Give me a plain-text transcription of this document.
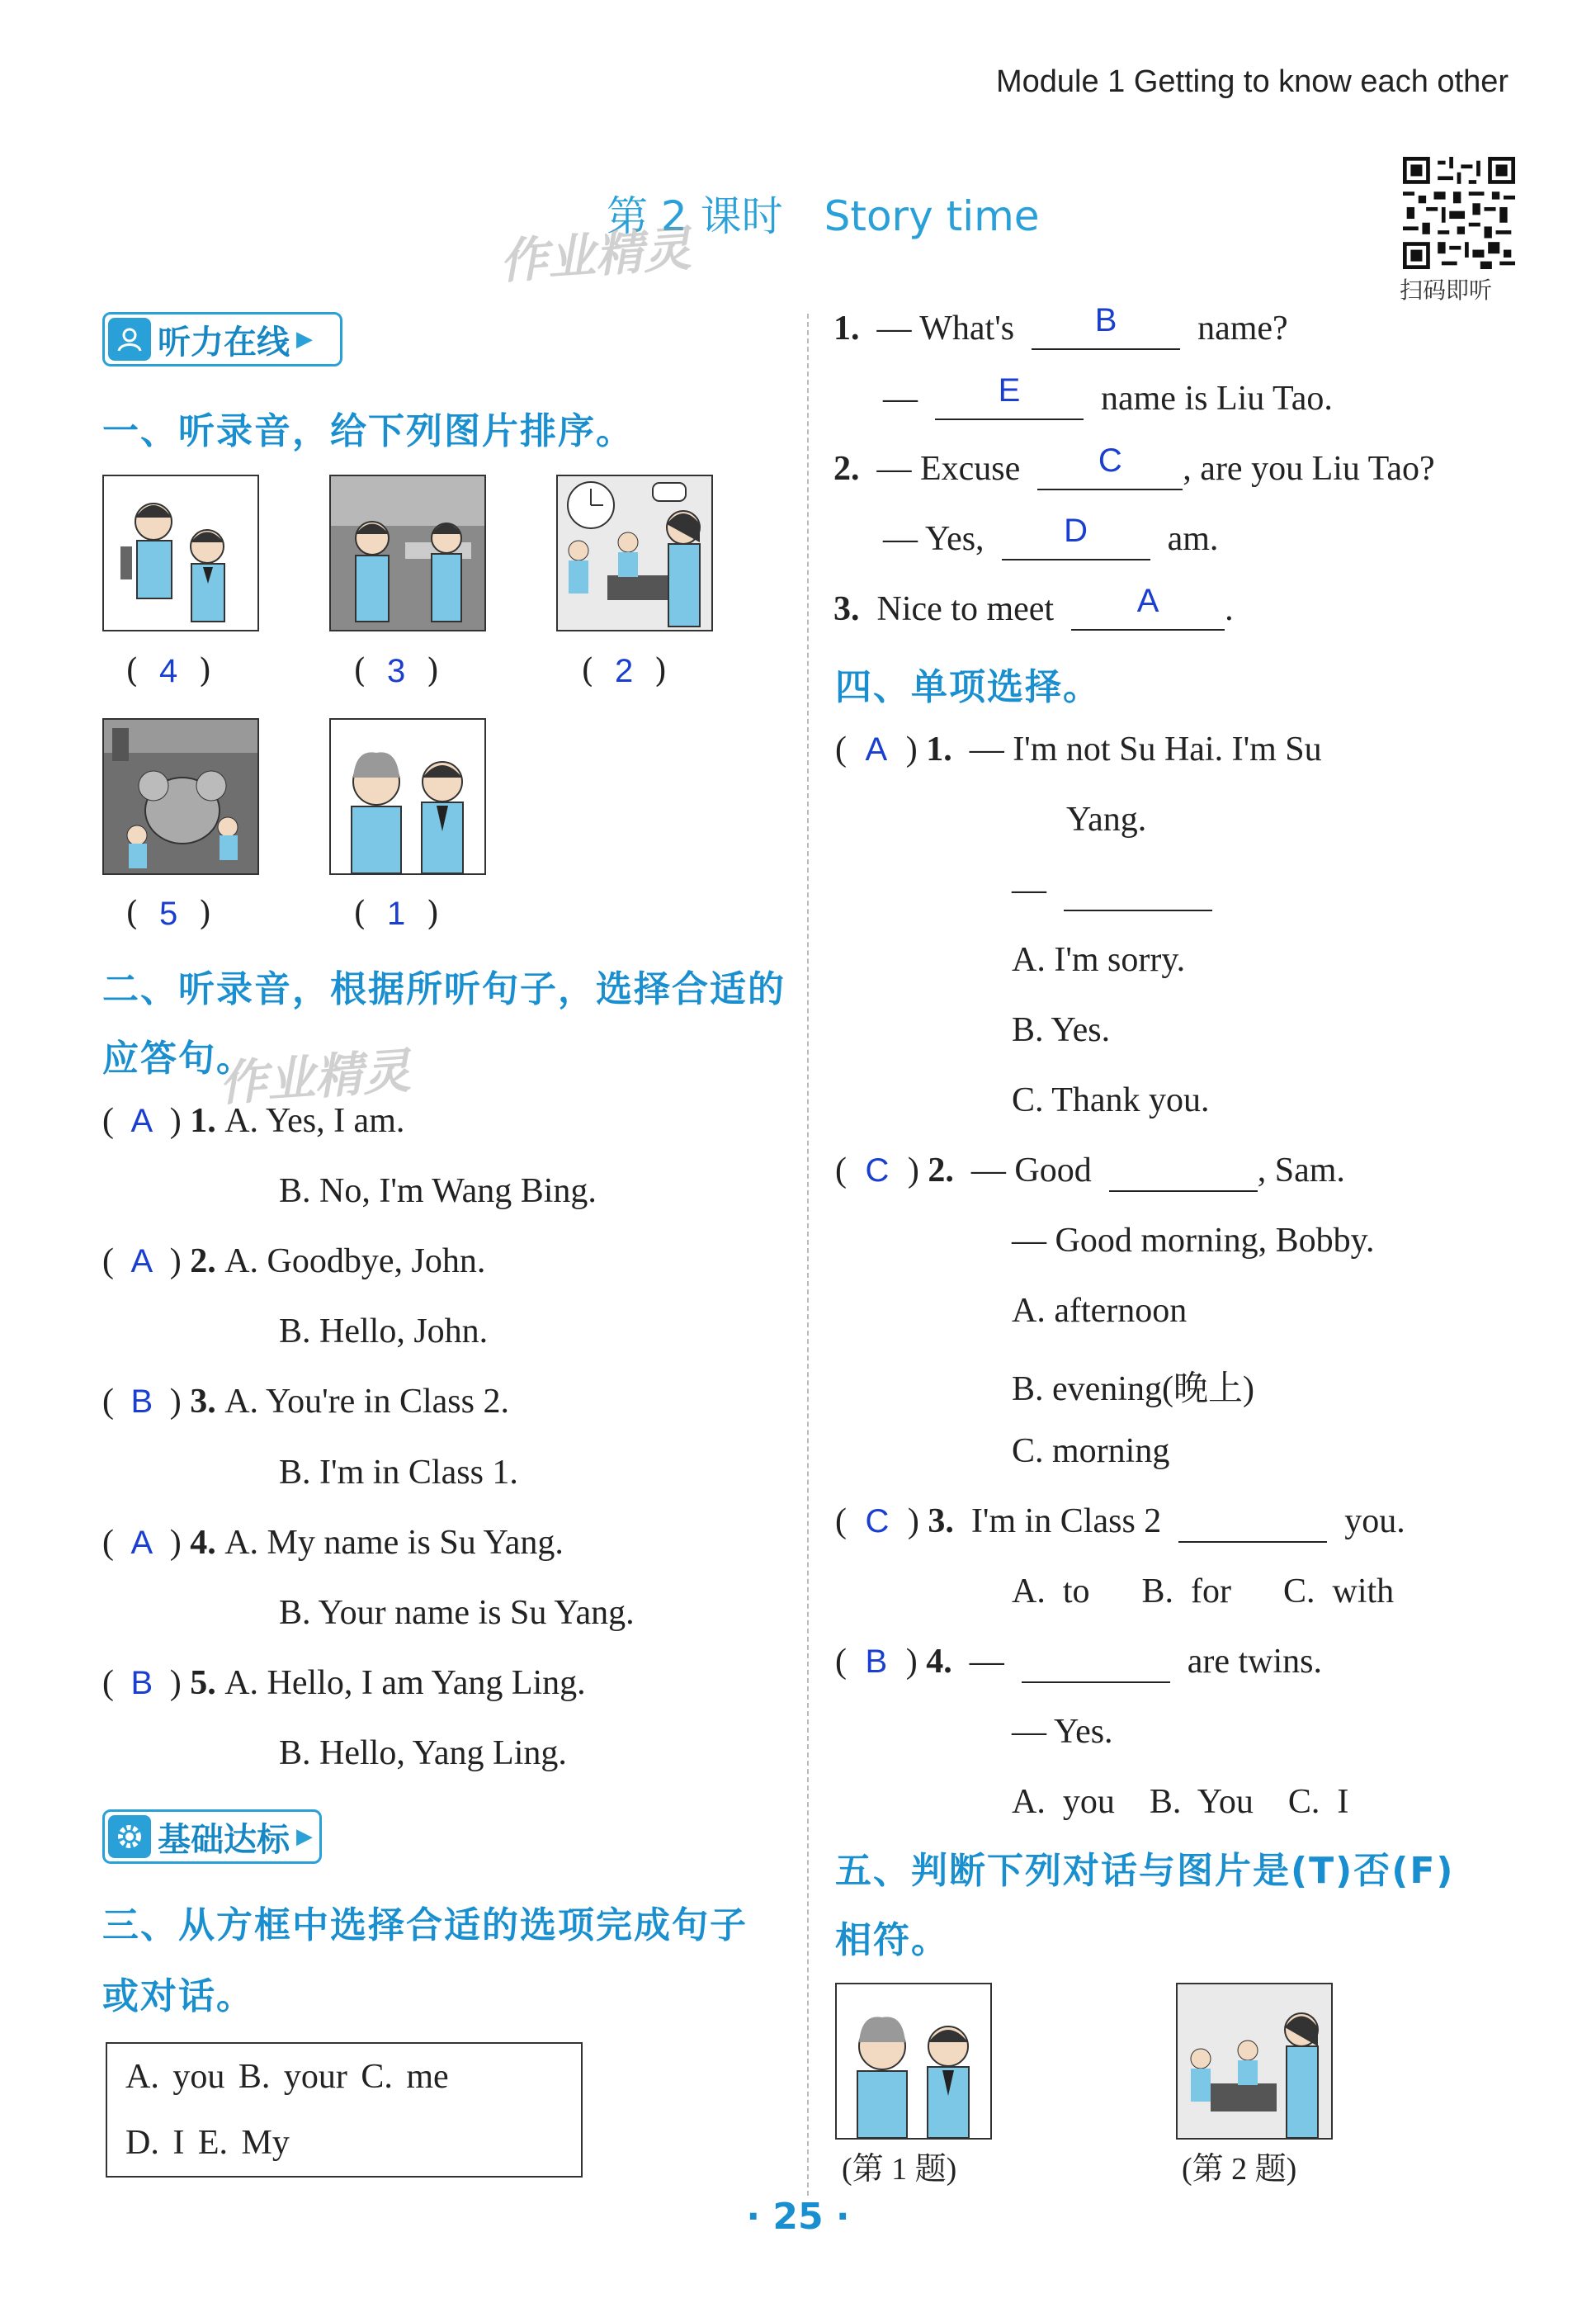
Module 1 Getting to know each other
第 2 课时 Story time
扫码即听
作业精灵
作业精灵
听力在线 ▶
一、听录音，给下列图片排序。
(  4  )	(  3  )	(  2  )
(  5  )	(  1  )
二、听录音，根据所听句子，选择合适的
应答句。
( A ) 1. A. Yes, I am.
B. No, I'm Wang Bing.
( A ) 2. A. Goodbye, John.
B. Hello, John.
( B ) 3. A. You're in Class 2.
B. I'm in Class 1.
( A ) 4. A. My name is Su Yang.
B. Your name is Su Yang.
( B ) 5. A. Hello, I am Yang Ling.
B. Hello, Yang Ling.
基础达标 ▶
三、从方框中选择合适的选项完成句子
或对话。
A. you B. your C. me
D. I E. My
1. — What's	B	name?
—	E	name is Liu Tao.
2. — Excuse	C	, are you Liu Tao?
— Yes,	D	am.
3. Nice to meet	A	.
四、单项选择。
( A ) 1. — I'm not Su Hai. I'm Su
Yang.
—
A. I'm sorry.
B. Yes.
C. Thank you.
( C ) 2. — Good	, Sam.
— Good morning, Bobby.
A. afternoon
B. evening(晚上)
C. morning
( C ) 3. I'm in Class 2	you.
A.  to      B.  for      C.  with
( B ) 4. —	are twins.
— Yes.
A.  you    B.  You    C.  I
五、判断下列对话与图片是(T)否(F)
相符。
(第 1 题)	(第 2 题)
· 25 ·
